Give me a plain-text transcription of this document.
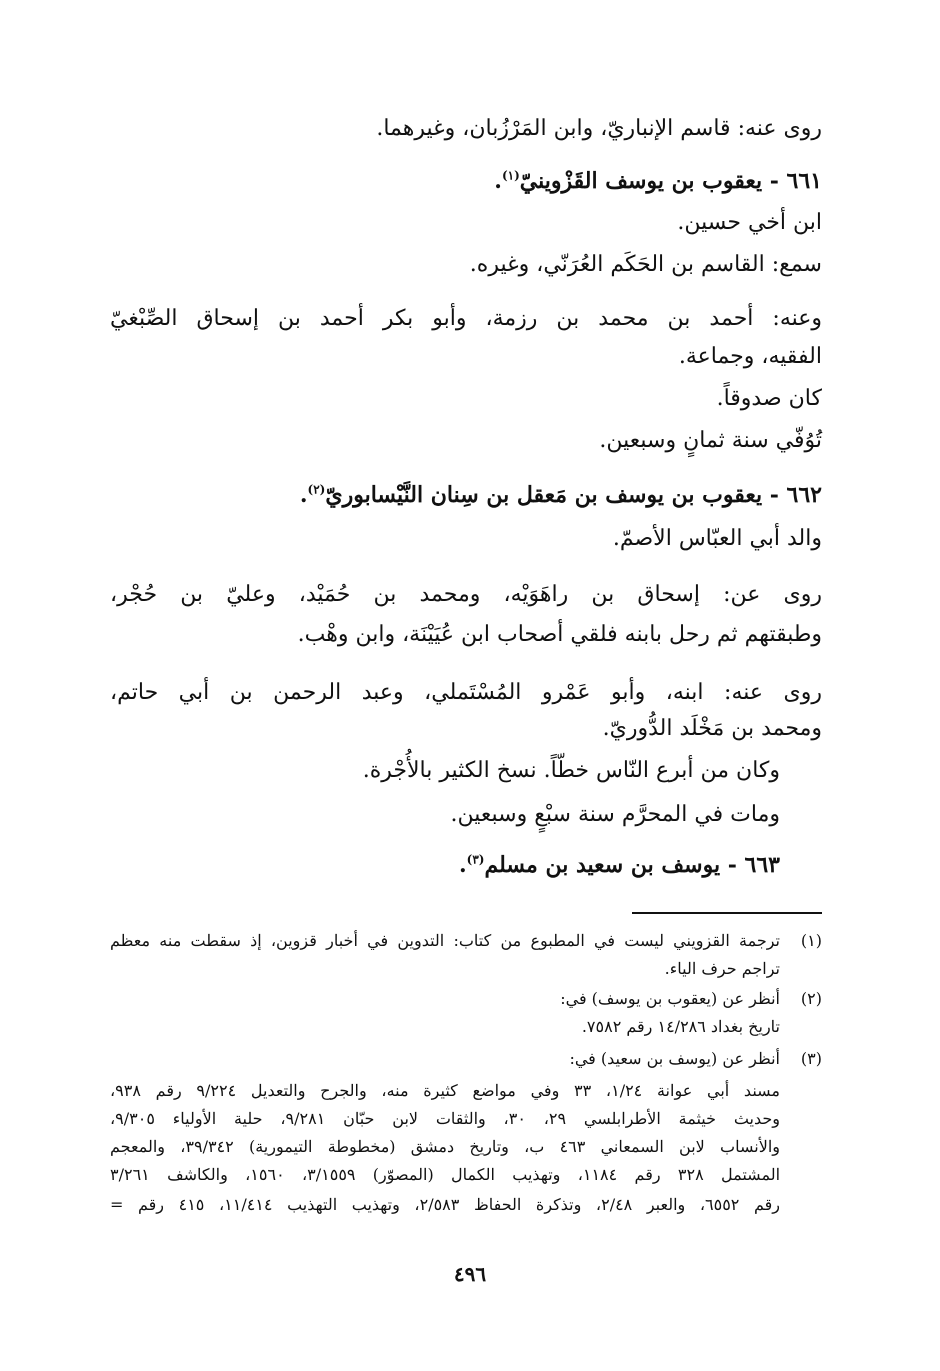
روى عنه: قاسم الإنباريّ، وابن المَرْزُبان، وغيرهما.
٦٦١ - يعقوب بن يوسف القَزْوينيّ$^{(١)}$.
ابن أخي حسين.
سمع: القاسم بن الحَكَم العُرَنّي، وغيره.
وعنه: أحمد بن محمد بن رزمة، وأبو بكر أحمد بن إسحاق الصِّبْغيّ
الفقيه، وجماعة.
كان صدوقاً.
تُوُفّي سنة ثمانٍ وسبعين.
٦٦٢ - يعقوب بن يوسف بن مَعقل بن سِنان النَّيْسابوريّ$^{(٢)}$.
والد أبي العبّاس الأصمّ.
روى عن: إسحاق بن راهَوَيْه، ومحمد بن حُمَيْد، وعليّ بن حُجْر،
وطبقتهم ثم رحل بابنه فلقي أصحاب ابن عُيَيْنَة، وابن وهْب.
روى عنه: ابنه، وأبو عَمْرو المُسْتَملي، وعبد الرحمن بن أبي حاتم،
ومحمد بن مَخْلَد الدُّوريّ.
وكان من أبرع النّاس خطّاً. نسخ الكثير بالأُجْرة.
ومات في المحرَّم سنة سبْعٍ وسبعين.
٦٦٣ - يوسف بن سعيد بن مسلم$^{(٣)}$.
(١)
ترجمة القزويني ليست في المطبوع من كتاب: التدوين في أخبار قزوين، إذ سقطت منه معظم
تراجم حرف الياء.
(٢)
أنظر عن (يعقوب بن يوسف) في:
تاريخ بغداد ١٤/٢٨٦ رقم ٧٥٨٢.
(٣)
أنظر عن (يوسف بن سعيد) في:
مسند أبي عوانة ١/٢٤، ٣٣ وفي مواضع كثيرة منه، والجرح والتعديل ٩/٢٢٤ رقم ٩٣٨،
وحديث خيثمة الأطرابلسي ٢٩، ٣٠، والثقات لابن حبّان ٩/٢٨١، حلية الأولياء ٩/٣٠٥،
والأنساب لابن السمعاني ٤٦٣ ب، وتاريخ دمشق (مخطوطة التيمورية) ٣٩/٣٤٢، والمعجم
المشتمل ٣٢٨ رقم ١١٨٤، وتهذيب الكمال (المصوّر) ٣/١٥٥٩، ١٥٦٠، والكاشف ٣/٢٦١
رقم ٦٥٥٢، والعبر ٢/٤٨، وتذكرة الحفاظ ٢/٥٨٣، وتهذيب التهذيب ١١/٤١٤، ٤١٥ رقم =
٤٩٦
